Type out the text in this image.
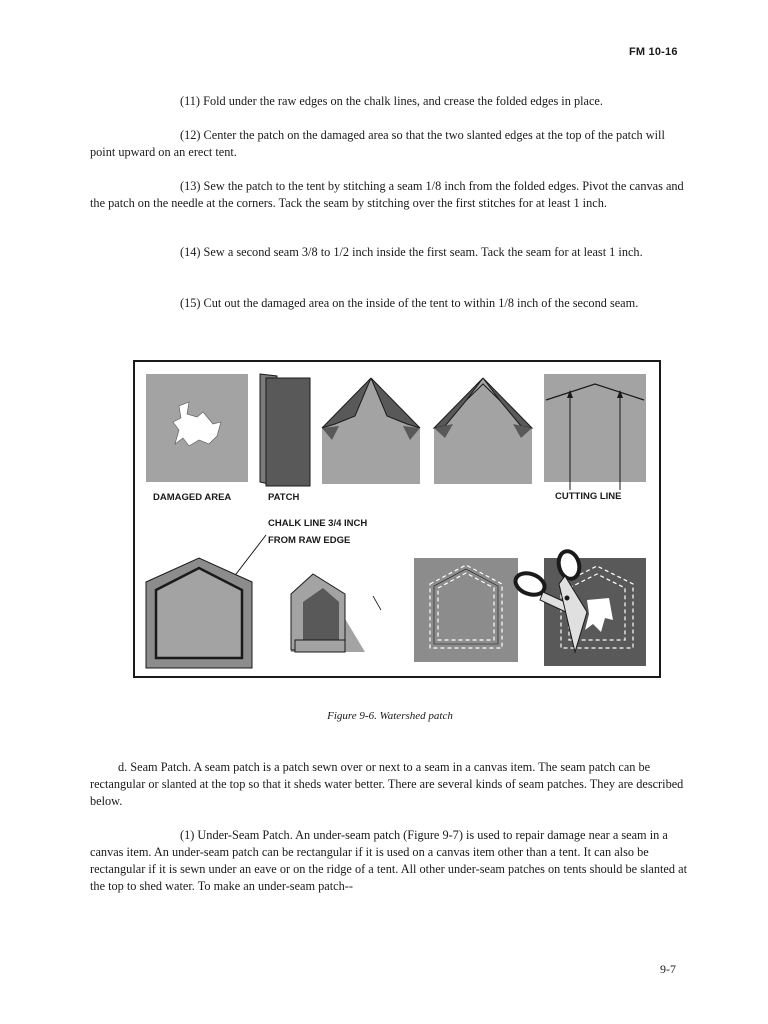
FM 10-16

(11) Fold under the raw edges on the chalk lines, and crease the folded edges in place.

(12) Center the patch on the damaged area so that the two slanted edges at the top of the patch will point upward on an erect tent.

(13) Sew the patch to the tent by stitching a seam 1/8 inch from the folded edges. Pivot the canvas and the patch on the needle at the corners. Tack the seam by stitching over the first stitches for at least 1 inch.

(14) Sew a second seam 3/8 to 1/2 inch inside the first seam. Tack the seam for at least 1 inch.

(15) Cut out the damaged area on the inside of the tent to within 1/8 inch of the second seam.

DAMAGED AREA	PATCH	CUTTING LINE
CHALK LINE 3/4 INCH
FROM RAW EDGE
Figure 9-6. Watershed patch

d. Seam Patch. A seam patch is a patch sewn over or next to a seam in a canvas item. The seam patch can be rectangular or slanted at the top so that it sheds water better. There are several kinds of seam patches. They are described below.

(1) Under-Seam Patch. An under-seam patch (Figure 9-7) is used to repair damage near a seam in a canvas item. An under-seam patch can be rectangular if it is used on a canvas item other than a tent. It can also be rectangular if it is sewn under an eave or on the ridge of a tent. All other under-seam patches on tents should be slanted at the top to shed water. To make an under-seam patch--

9-7
